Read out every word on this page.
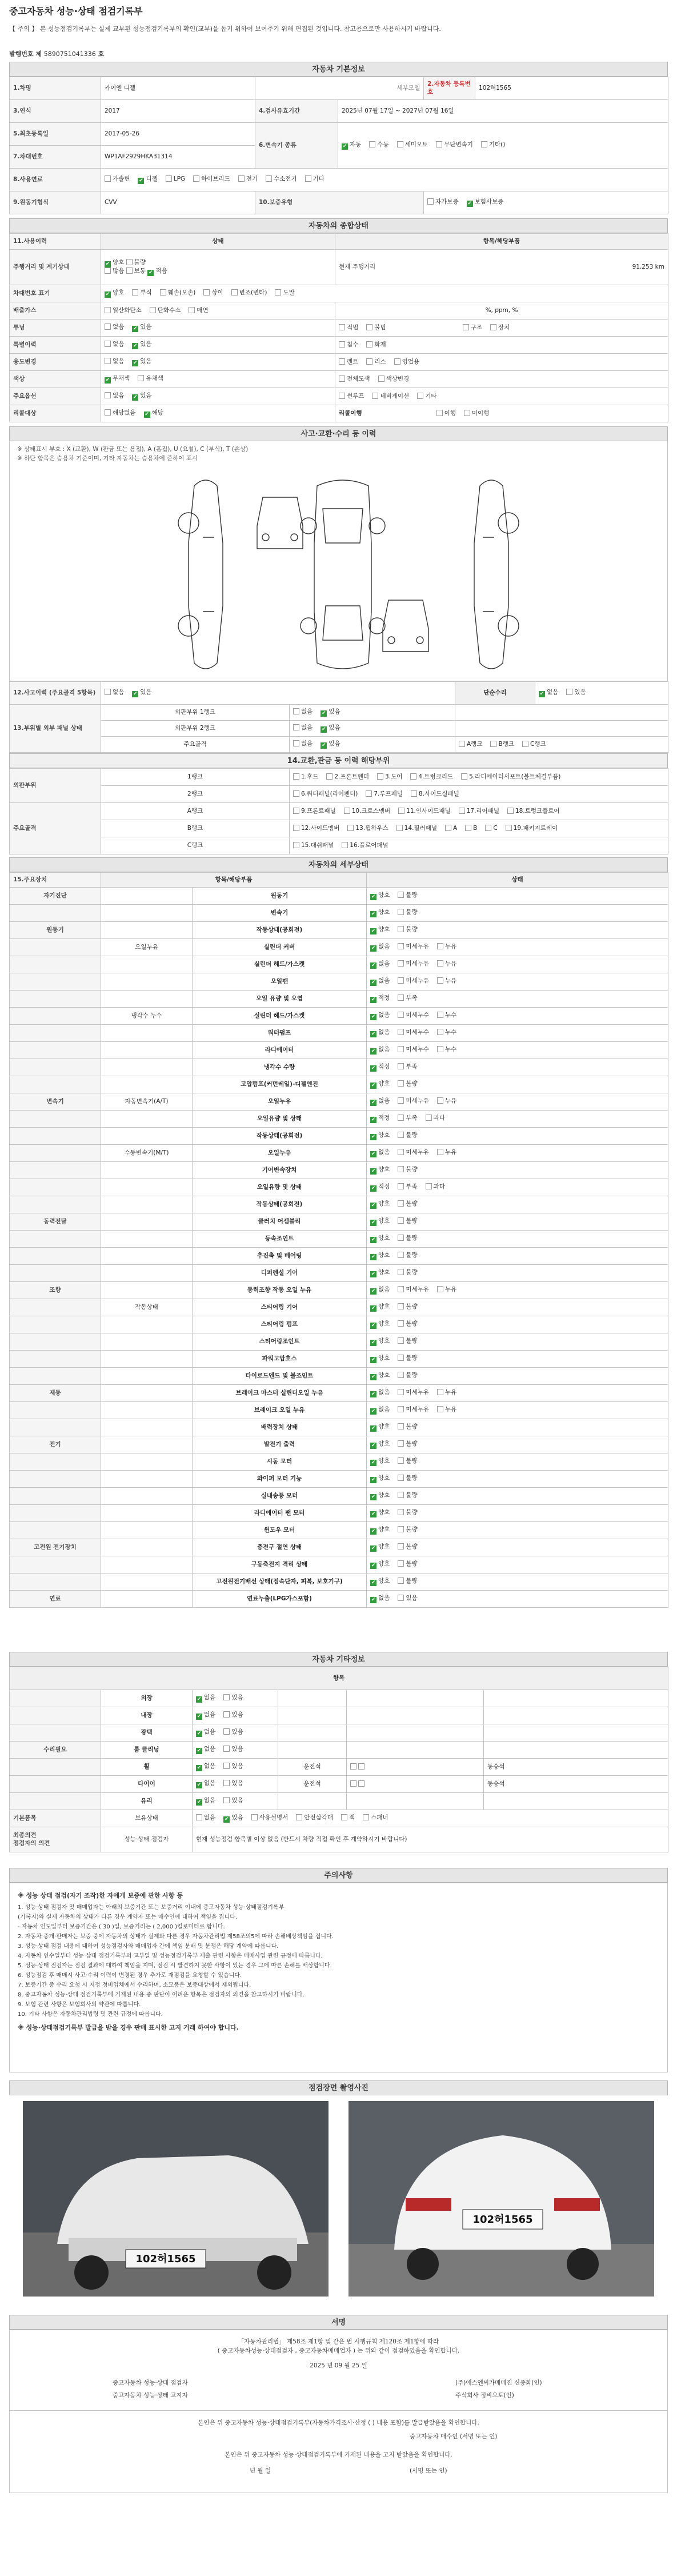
중고자동차 성능·상태 점검기록부
【 주의 】 본 성능점검기록부는 실제 교부된 성능점검기록부의 확인(교부)을 돕기 위하여 보여주기 위해 편집된 것입니다. 참고용으로만 사용하시기 바랍니다.
발행번호 제 5890751041336 호
자동차 기본정보
1.차명	카이엔 디젤	세부모델		2.자동차 등록번호	102허1565
3.연식	2017	4.검사유효기간	2025년 07월 17일 ~ 2027년 07월 16일		
5.최초등록일	2017-05-26	6.변속기 종류	✔자동 수동 세미오토 무단변속기 기타()
7.차대번호	WP1AF2929HKA31314				
8.사용연료	가솔린 ✔ 디젤 LPG 하이브리드 전기 수소전기 기타
9.원동기형식	CVV	10.보증유형		자가보증 ✔ 보험사보증
자동차의 종합상태
11.사용이력	상태	항목/해당부품
주행거리 및 계기상태	✔양호 불량
많음 보통 ✔적음	현재 주행거리 91,253 km

차대번호 표기	✔양호 부식 훼손(오손) 상이 변조(변타) 도말
배출가스	일산화탄소 탄화수소 매연	%, ppm, %
튜닝	없음 ✔ 있음	적법 불법 구조 장치
특별이력	없음 ✔ 있음	침수 화재
용도변경	없음 ✔ 있음	렌트 리스 영업용
색상	✔무채색 유채색	전체도색 색상변경
주요옵션	없음 ✔ 있음	썬루프 네비게이션 기타
리콜대상	해당없음 ✔ 해당	리콜이행 이행 미이행
사고·교환·수리 등 이력
※ 상태표시 부호 : X (교환), W (판금 또는 용접), A (흠집), U (요철), C (부식), T (손상)
※ 하단 항목은 승용차 기준이며, 기타 자동차는 승용차에 준하여 표시
12.사고이력 (주요골격 5항목)	없음 ✔ 있음		단순수리	✔없음 있음
13.부위별 외부 패널 상태	외판부위 1랭크	없음 ✔ 있음	
	외판부위 2랭크	없음 ✔ 있음	
	주요골격	없음 ✔ 있음	A랭크 B랭크 C랭크	
14.교환,판금 등 이력 해당부위
외판부위	1랭크	1.후드 2.프론트펜더 3.도어 4.트렁크리드 5.라디에이터서포트(볼트체결부품)
	2랭크	6.쿼터패널(리어펜더) 7.루프패널 8.사이드실패널
주요골격	A랭크	9.프론트패널 10.크로스멤버 11.인사이드패널 17.리어패널 18.트렁크플로어
	B랭크	12.사이드멤버 13.휠하우스 14.필러패널 A B C 19.패키지트레이
	C랭크	15.대쉬패널 16.플로어패널
자동차의 세부상태
15.주요장치	항목/해당부품		상태
자기진단		원동기	✔양호 불량
		변속기	✔양호 불량
원동기		작동상태(공회전)	✔양호 불량
	오일누유	실린더 커버	✔없음 미세누유 누유
		실린더 헤드/가스켓	✔없음 미세누유 누유
		오일팬	✔없음 미세누유 누유
		오일 유량 및 오염	✔적정 부족
	냉각수 누수	실린더 헤드/가스켓	✔없음 미세누수 누수
		워터펌프	✔없음 미세누수 누수
		라디에이터	✔없음 미세누수 누수
		냉각수 수량	✔적정 부족
		고압펌프(커먼레일)-디젤엔진	✔양호 불량
변속기	자동변속기(A/T)	오일누유	✔없음 미세누유 누유
		오일유량 및 상태	✔적정 부족 과다
		작동상태(공회전)	✔양호 불량
	수동변속기(M/T)	오일누유	✔없음 미세누유 누유
		기어변속장치	✔양호 불량
		오일유량 및 상태	✔적정 부족 과다
		작동상태(공회전)	✔양호 불량
동력전달		클러치 어셈블리	✔양호 불량
		등속조인트	✔양호 불량
		추진축 및 베어링	✔양호 불량
		디퍼렌셜 기어	✔양호 불량
조향		동력조향 작동 오일 누유	✔없음 미세누유 누유
	작동상태	스티어링 기어	✔양호 불량
		스티어링 펌프	✔양호 불량
		스티어링조인트	✔양호 불량
		파워고압호스	✔양호 불량
		타이로드엔드 및 볼조인트	✔양호 불량
제동		브레이크 마스터 실린더오일 누유	✔없음 미세누유 누유
		브레이크 오일 누유	✔없음 미세누유 누유
		배력장치 상태	✔양호 불량
전기		발전기 출력	✔양호 불량
		시동 모터	✔양호 불량
		와이퍼 모터 기능	✔양호 불량
		실내송풍 모터	✔양호 불량
		라디에이터 팬 모터	✔양호 불량
		윈도우 모터	✔양호 불량
고전원 전기장치		충전구 절연 상태	✔양호 불량
		구동축전지 격리 상태	✔양호 불량
		고전원전기배선 상태(접속단자, 피복, 보호기구)	✔양호 불량
연료		연료누출(LPG가스포함)	✔없음 있음
자동차 기타정보
항목					
	외장	✔없음 있음			
	내장	✔없음 있음			
	광택	✔없음 있음			
수리필요	룸 클리닝	✔없음 있음			
	휠	✔없음 있음	운전석		동승석
	타이어	✔없음 있음	운전석		동승석
	유리	✔없음 있음			
기본품목	보유상태	없음 ✔ 있음 사용설명서 안전삼각대 잭 스패너
최종의견
점검자의 의견	성능·상태 점검자	현재 성능점검 항목별 이상 없음 (반드시 차량 직접 확인 후 계약하시기 바랍니다)			
주의사항

※ 성능 상태 점검(자기 조작)한 자에게 보증에 관한 사항 등

1. 성능·상태 점검자 및 매매업자는 아래의 보증기간 또는 보증거리 이내에 중고자동차 성능·상태점검기록부

(기록지)와 실제 자동차의 상태가 다른 경우 계약자 또는 매수인에 대하여 책임을 집니다.

- 자동차 인도일부터 보증기간은 ( 30 )일, 보증거리는 ( 2,000 )킬로미터로 합니다.

2. 자동차 중개·판매자는 보증 중에 자동차의 상태가 실제와 다른 경우 자동차관리법 제58조의5에 따라 손해배상책임을 집니다.

3. 성능·상태 점검 내용에 대하여 성능점검자와 매매업자 간에 책임 분배 및 분쟁은 해당 계약에 따릅니다.

4. 자동차 인수일부터 성능 상태 점검기록부의 교부일 및 성능점검기록부 제출 관련 사항은 매매사업 관련 규정에 따릅니다.

5. 성능·상태 점검자는 점검 결과에 대하여 책임을 지며, 점검 시 발견하지 못한 사항이 있는 경우 그에 따른 손해를 배상합니다.

6. 성능점검 후 매매시 사고·수리 이력이 변경된 경우 추가로 재점검을 요청할 수 있습니다.

7. 보증기간 중 수리 요청 시 지정 정비업체에서 수리하며, 소모품은 보증대상에서 제외됩니다.

8. 중고자동차 성능·상태 점검기록부에 기재된 내용 중 판단이 어려운 항목은 점검자의 의견을 참고하시기 바랍니다.

9. 보험 관련 사항은 보험회사의 약관에 따릅니다.

10. 기타 사항은 자동차관리법령 및 관련 규정에 따릅니다.

※ 성능·상태점검기록부 발급을 받을 경우 판매 표시한 고지 거래 하여야 합니다.

점검장면 촬영사진
102허1565
102허1565
서명
「자동차관리법」 제58조 제1항 및 같은 법 시행규칙 제120조 제1항에 따라
( 중고자동차성능·상태점검자 , 중고자동차매매업자 ) 는 위와 같이 점검하였음을 확인합니다.
2025 년 09 월 25 일
중고자동차 성능·상태 점검자	(주)에스엔씨카매매진 신종화(인)
중고자동차 성능·상태 고지자	주식회사 정비오토(인)
본인은 위 중고자동차 성능·상태점검기록부(자동차가격조사·산정 ( ) 내용 포함)를 발급받았음을 확인합니다.
중고자동차 매수인 (서명 또는 인)
본인은 위 중고자동차 성능·상태점검기록부에 기재된 내용을 고지 받았음을 확인합니다.
년 월 일	(서명 또는 인)
